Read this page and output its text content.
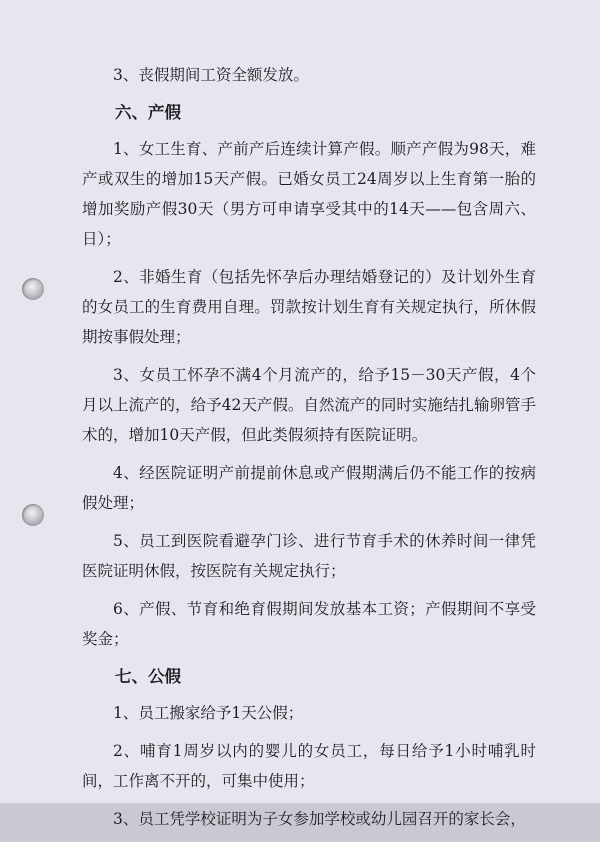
3、丧假期间工资全额发放。

六、产假

1、女工生育、产前产后连续计算产假。顺产产假为98天，难产或双生的增加15天产假。已婚女员工24周岁以上生育第一胎的增加奖励产假30天（男方可申请享受其中的14天——包含周六、日）；

2、非婚生育（包括先怀孕后办理结婚登记的）及计划外生育的女员工的生育费用自理。罚款按计划生育有关规定执行，所休假期按事假处理；

3、女员工怀孕不满4个月流产的，给予15－30天产假，4个月以上流产的，给予42天产假。自然流产的同时实施结扎输卵管手术的，增加10天产假，但此类假须持有医院证明。

4、经医院证明产前提前休息或产假期满后仍不能工作的按病假处理；

5、员工到医院看避孕门诊、进行节育手术的休养时间一律凭医院证明休假，按医院有关规定执行；

6、产假、节育和绝育假期间发放基本工资；产假期间不享受奖金；

七、公假

1、员工搬家给予1天公假；

2、哺育1周岁以内的婴儿的女员工，每日给予1小时哺乳时间，工作离不开的，可集中使用；

3、员工凭学校证明为子女参加学校或幼儿园召开的家长会，
